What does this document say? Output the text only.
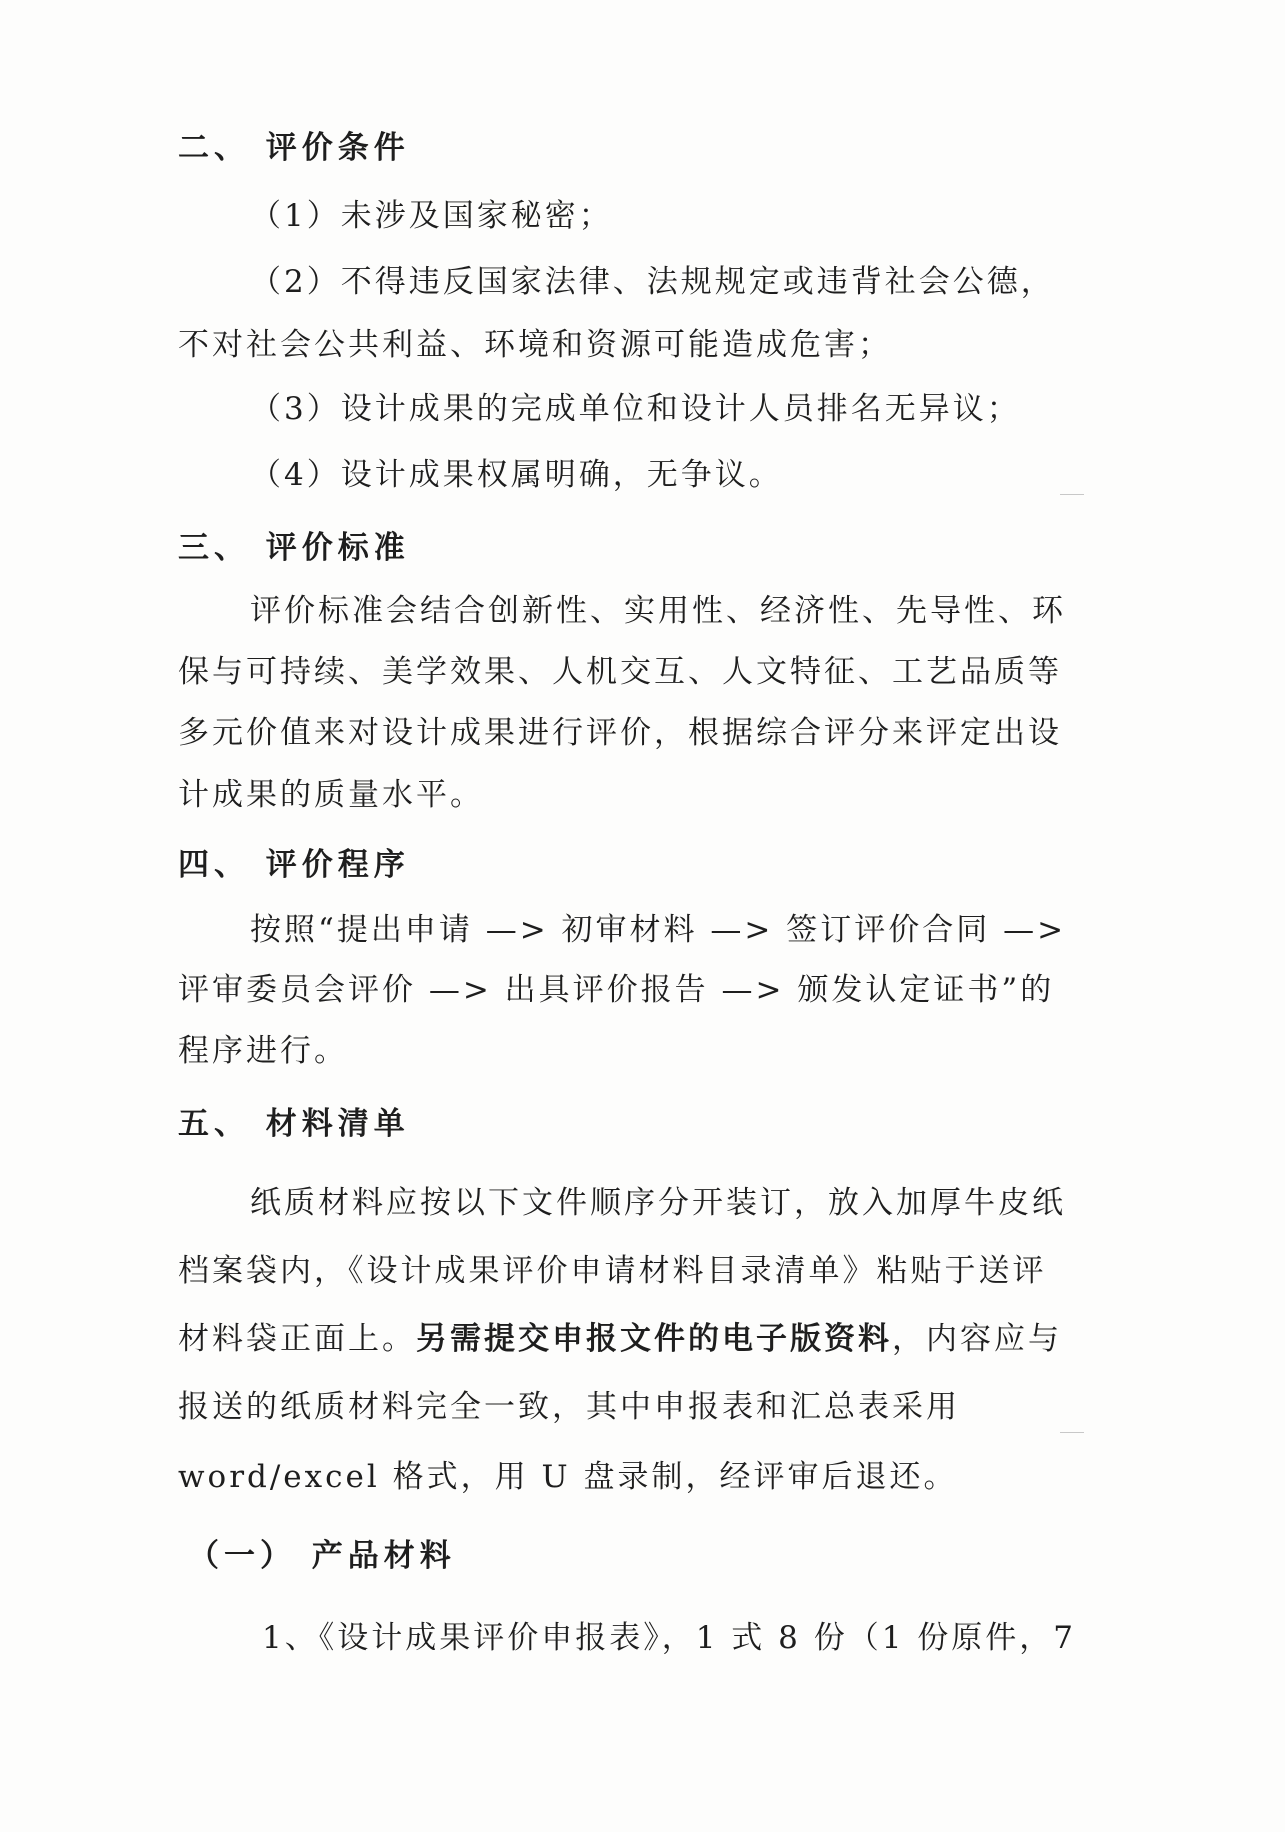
二、 评价条件
（1）未涉及国家秘密；
（2）不得违反国家法律、法规规定或违背社会公德，
不对社会公共利益、环境和资源可能造成危害；
（3）设计成果的完成单位和设计人员排名无异议；
（4）设计成果权属明确，无争议。
三、 评价标准
评价标准会结合创新性、实用性、经济性、先导性、环
保与可持续、美学效果、人机交互、人文特征、工艺品质等
多元价值来对设计成果进行评价，根据综合评分来评定出设
计成果的质量水平。
四、 评价程序
按照“提出申请 —> 初审材料 —> 签订评价合同 —>
评审委员会评价 —> 出具评价报告 —> 颁发认定证书”的
程序进行。
五、 材料清单
纸质材料应按以下文件顺序分开装订，放入加厚牛皮纸
档案袋内，《设计成果评价申请材料目录清单》粘贴于送评
材料袋正面上。另需提交申报文件的电子版资料，内容应与
报送的纸质材料完全一致，其中申报表和汇总表采用
word/excel 格式，用 U 盘录制，经评审后退还。
（一） 产品材料
1、《设计成果评价申报表》，1 式 8 份（1 份原件，7
